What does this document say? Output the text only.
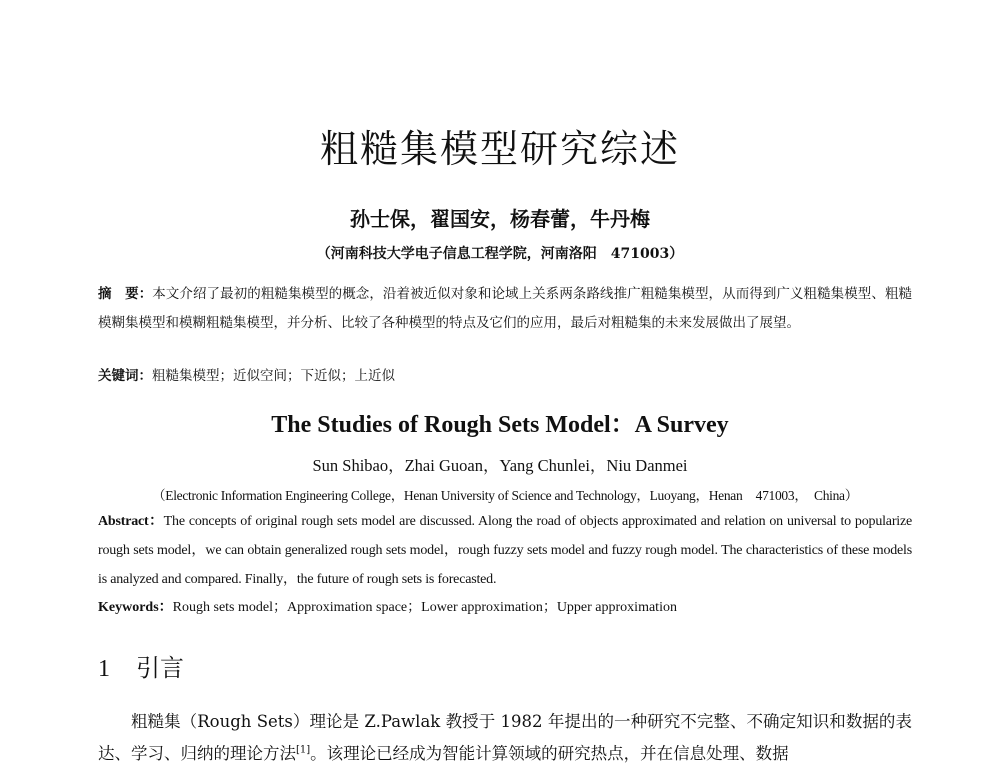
粗糙集模型研究综述
孙士保，翟国安，杨春蕾，牛丹梅
（河南科技大学电子信息工程学院，河南洛阳　471003）
摘　要：本文介绍了最初的粗糙集模型的概念，沿着被近似对象和论域上关系两条路线推广粗糙集模型，从而得到广义粗糙集模型、粗糙模糊集模型和模糊粗糙集模型，并分析、比较了各种模型的特点及它们的应用，最后对粗糙集的未来发展做出了展望。
关键词：粗糙集模型；近似空间；下近似；上近似
The Studies of Rough Sets Model：A Survey
Sun Shibao，Zhai Guoan，Yang Chunlei，Niu Danmei
（Electronic Information Engineering College，Henan University of Science and Technology，Luoyang，Henan　471003，　China）
Abstract：The concepts of original rough sets model are discussed. Along the road of objects approximated and relation on universal to popularize rough sets model，we can obtain generalized rough sets model，rough fuzzy sets model and fuzzy rough model. The characteristics of these models is analyzed and compared. Finally，the future of rough sets is forecasted.
Keywords：Rough sets model；Approximation space；Lower approximation；Upper approximation
1 引言
粗糙集（Rough Sets）理论是 Z.Pawlak 教授于 1982 年提出的一种研究不完整、不确定知识和数据的表达、学习、归纳的理论方法[1]。该理论已经成为智能计算领域的研究热点，并在信息处理、数据
